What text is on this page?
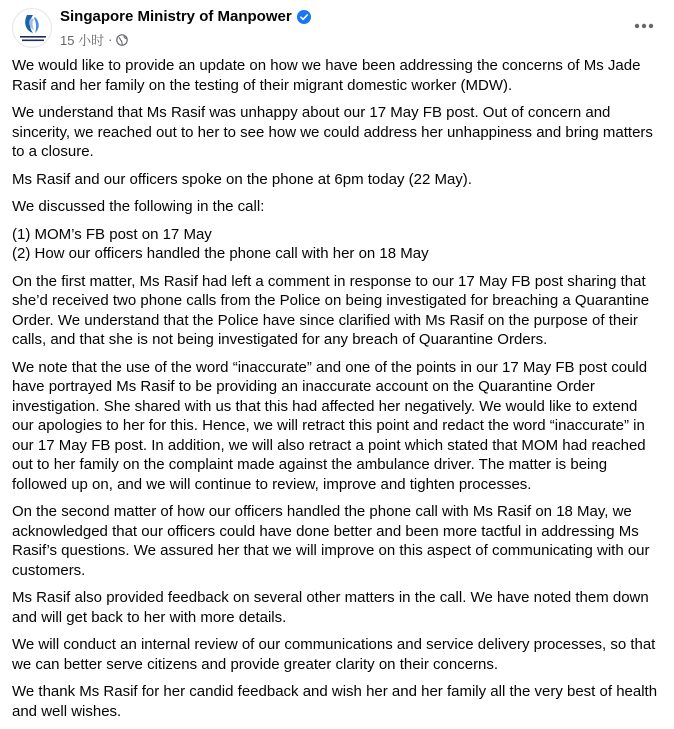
Singapore Ministry of Manpower
15 小时 ·

We would like to provide an update on how we have been addressing the concerns of Ms Jade Rasif and her family on the testing of their migrant domestic worker (MDW).

We understand that Ms Rasif was unhappy about our 17 May FB post. Out of concern and sincerity, we reached out to her to see how we could address her unhappiness and bring matters to a closure.

Ms Rasif and our officers spoke on the phone at 6pm today (22 May).

We discussed the following in the call:

(1) MOM’s FB post on 17 May
(2) How our officers handled the phone call with her on 18 May

On the first matter, Ms Rasif had left a comment in response to our 17 May FB post sharing that she’d received two phone calls from the Police on being investigated for breaching a Quarantine Order. We understand that the Police have since clarified with Ms Rasif on the purpose of their calls, and that she is not being investigated for any breach of Quarantine Orders.

We note that the use of the word “inaccurate” and one of the points in our 17 May FB post could have portrayed Ms Rasif to be providing an inaccurate account on the Quarantine Order investigation. She shared with us that this had affected her negatively. We would like to extend our apologies to her for this. Hence, we will retract this point and redact the word “inaccurate” in our 17 May FB post. In addition, we will also retract a point which stated that MOM had reached out to her family on the complaint made against the ambulance driver. The matter is being followed up on, and we will continue to review, improve and tighten processes.

On the second matter of how our officers handled the phone call with Ms Rasif on 18 May, we acknowledged that our officers could have done better and been more tactful in addressing Ms Rasif’s questions. We assured her that we will improve on this aspect of communicating with our customers.

Ms Rasif also provided feedback on several other matters in the call. We have noted them down and will get back to her with more details.

We will conduct an internal review of our communications and service delivery processes, so that we can better serve citizens and provide greater clarity on their concerns.

We thank Ms Rasif for her candid feedback and wish her and her family all the very best of health and well wishes.
